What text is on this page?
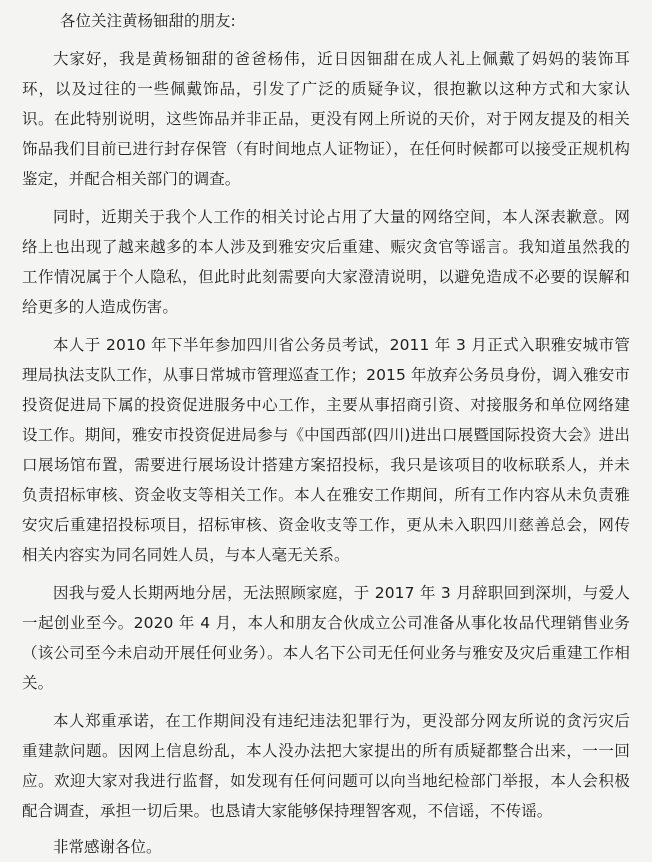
各位关注黄杨钿甜的朋友:

大家好，我是黄杨钿甜的爸爸杨伟，近日因钿甜在成人礼上佩戴了妈妈的装饰耳环，以及过往的一些佩戴饰品，引发了广泛的质疑争议，很抱歉以这种方式和大家认识。在此特别说明，这些饰品并非正品，更没有网上所说的天价，对于网友提及的相关饰品我们目前已进行封存保管（有时间地点人证物证），在任何时候都可以接受正规机构鉴定，并配合相关部门的调查。

同时，近期关于我个人工作的相关讨论占用了大量的网络空间，本人深表歉意。网络上也出现了越来越多的本人涉及到雅安灾后重建、赈灾贪官等谣言。我知道虽然我的工作情况属于个人隐私，但此时此刻需要向大家澄清说明，以避免造成不必要的误解和给更多的人造成伤害。

本人于 2010 年下半年参加四川省公务员考试，2011 年 3 月正式入职雅安城市管理局执法支队工作，从事日常城市管理巡查工作；2015 年放弃公务员身份，调入雅安市投资促进局下属的投资促进服务中心工作，主要从事招商引资、对接服务和单位网络建设工作。期间，雅安市投资促进局参与《中国西部(四川)进出口展暨国际投资大会》进出口展场馆布置，需要进行展场设计搭建方案招投标，我只是该项目的收标联系人，并未负责招标审核、资金收支等相关工作。本人在雅安工作期间，所有工作内容从未负责雅安灾后重建招投标项目，招标审核、资金收支等工作，更从未入职四川慈善总会，网传相关内容实为同名同姓人员，与本人毫无关系。

因我与爱人长期两地分居，无法照顾家庭，于 2017 年 3 月辞职回到深圳，与爱人一起创业至今。2020 年 4 月，本人和朋友合伙成立公司准备从事化妆品代理销售业务（该公司至今未启动开展任何业务）。本人名下公司无任何业务与雅安及灾后重建工作相关。

本人郑重承诺，在工作期间没有违纪违法犯罪行为，更没部分网友所说的贪污灾后重建款问题。因网上信息纷乱，本人没办法把大家提出的所有质疑都整合出来，一一回应。欢迎大家对我进行监督，如发现有任何问题可以向当地纪检部门举报，本人会积极配合调查，承担一切后果。也恳请大家能够保持理智客观，不信谣，不传谣。

非常感谢各位。
